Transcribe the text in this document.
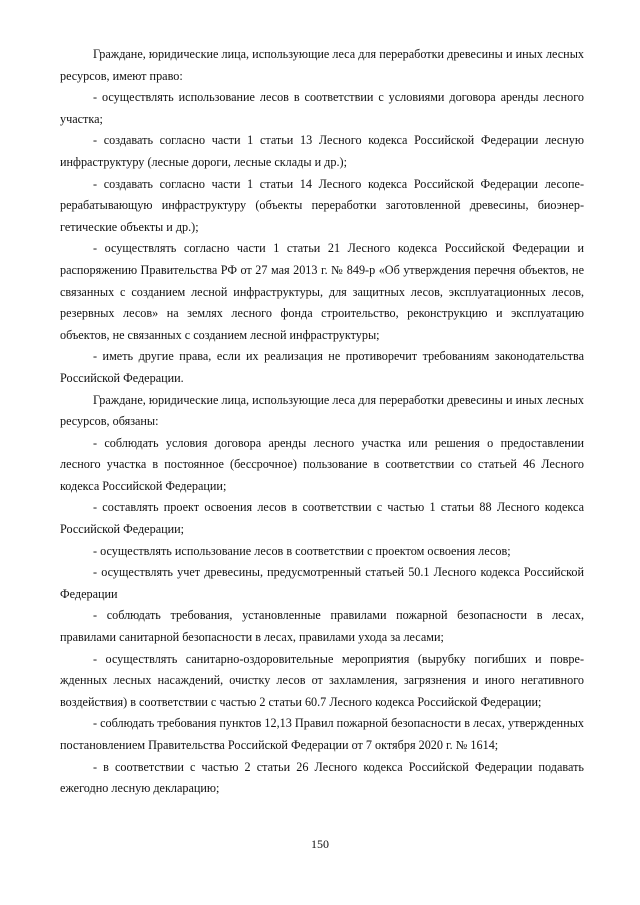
Граждане, юридические лица, использующие леса для переработки древесины и иных лесных ресурсов, имеют право:

- осуществлять использование лесов в соответствии с условиями договора аренды лесного участка;

- создавать согласно части 1 статьи 13 Лесного кодекса Российской Федерации лесную инфраструктуру (лесные дороги, лесные склады и др.);

- создавать согласно части 1 статьи 14 Лесного кодекса Российской Федерации лесоперерабатывающую инфраструктуру (объекты переработки заготовленной древесины, биоэнергетические объекты и др.);

- осуществлять согласно части 1 статьи 21 Лесного кодекса Российской Федерации и распоряжению Правительства РФ от 27 мая 2013 г. № 849-р «Об утверждения перечня объектов, не связанных с созданием лесной инфраструктуры, для защитных лесов, эксплуатационных лесов, резервных лесов» на землях лесного фонда строительство, реконструкцию и эксплуатацию объектов, не связанных с созданием лесной инфраструктуры;

- иметь другие права, если их реализация не противоречит требованиям законодательства Российской Федерации.

Граждане, юридические лица, использующие леса для переработки древесины и иных лесных ресурсов, обязаны:

- соблюдать условия договора аренды лесного участка или решения о предоставлении лесного участка в постоянное (бессрочное) пользование в соответствии со статьей 46 Лесного кодекса Российской Федерации;

- составлять проект освоения лесов в соответствии с частью 1 статьи 88 Лесного кодекса Российской Федерации;

- осуществлять использование лесов в соответствии с проектом освоения лесов;

- осуществлять учет древесины, предусмотренный статьей 50.1 Лесного кодекса Российской Федерации

- соблюдать требования, установленные правилами пожарной безопасности в лесах, правилами санитарной безопасности в лесах, правилами ухода за лесами;

- осуществлять санитарно-оздоровительные мероприятия (вырубку погибших и поврежденных лесных насаждений, очистку лесов от захламления, загрязнения и иного негативного воздействия) в соответствии с частью 2 статьи 60.7 Лесного кодекса Российской Федерации;

- соблюдать требования пунктов 12,13 Правил пожарной безопасности в лесах, утвержденных постановлением Правительства Российской Федерации от 7 октября 2020 г. № 1614;

- в соответствии с частью 2 статьи 26 Лесного кодекса Российской Федерации подавать ежегодно лесную декларацию;

150
